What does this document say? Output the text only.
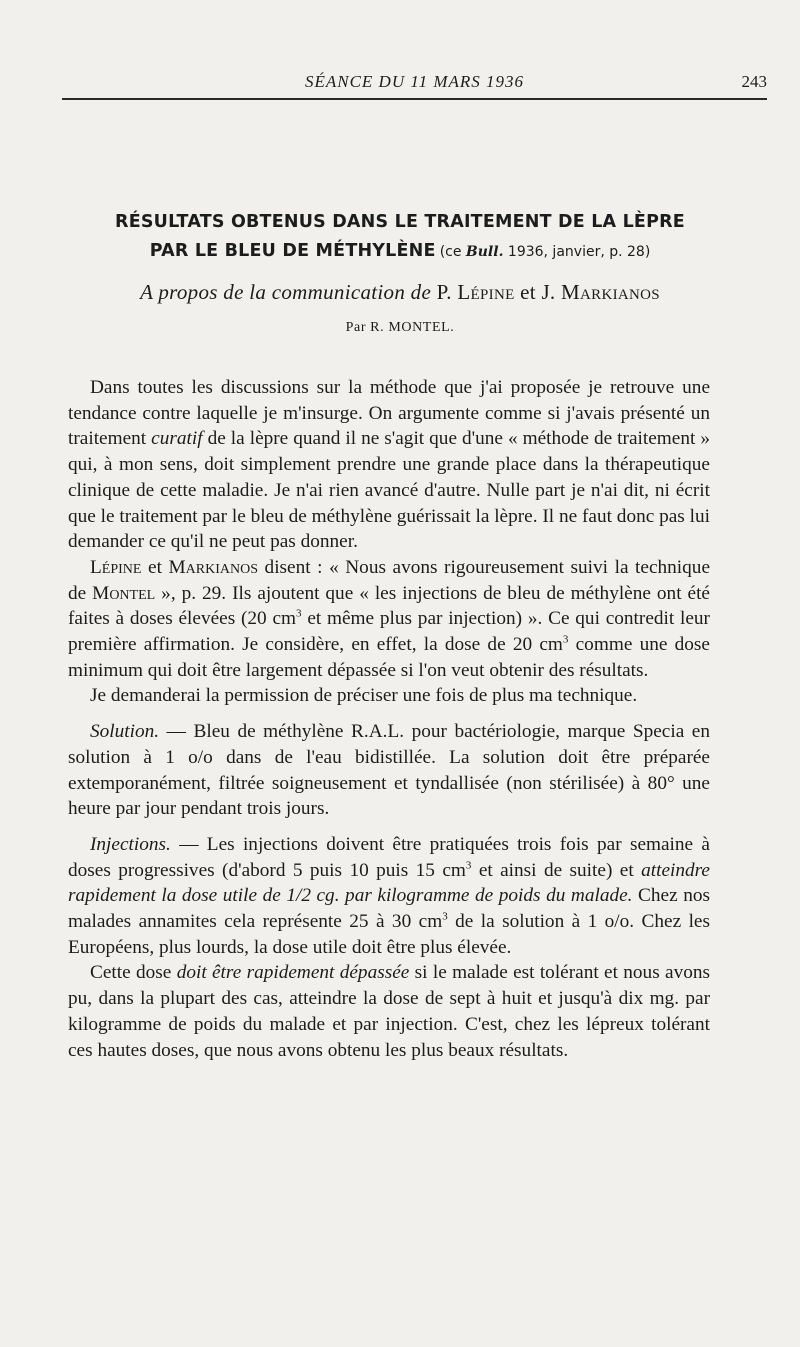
SÉANCE DU 11 MARS 1936	243
RÉSULTATS OBTENUS DANS LE TRAITEMENT DE LA LÈPRE
PAR LE BLEU DE MÉTHYLÈNE (ce Bull. 1936, janvier, p. 28)
A propos de la communication de P. Lépine et J. Markianos
Par R. MONTEL.

Dans toutes les discussions sur la méthode que j'ai proposée je retrouve une tendance contre laquelle je m'insurge. On argumente comme si j'avais présenté un traitement curatif de la lèpre quand il ne s'agit que d'une « méthode de traitement » qui, à mon sens, doit simplement prendre une grande place dans la thérapeutique clinique de cette maladie. Je n'ai rien avancé d'autre. Nulle part je n'ai dit, ni écrit que le traitement par le bleu de méthylène guérissait la lèpre. Il ne faut donc pas lui demander ce qu'il ne peut pas donner.

Lépine et Markianos disent : « Nous avons rigoureusement suivi la technique de Montel », p. 29. Ils ajoutent que « les injections de bleu de méthylène ont été faites à doses élevées (20 $cm^3$ et même plus par injection) ». Ce qui contredit leur première affirmation. Je considère, en effet, la dose de 20 $cm^3$ comme une dose minimum qui doit être largement dépassée si l'on veut obtenir des résultats.

Je demanderai la permission de préciser une fois de plus ma technique.

Solution. — Bleu de méthylène R.A.L. pour bactériologie, marque Specia en solution à 1 o/o dans de l'eau bidistillée. La solution doit être préparée extemporanément, filtrée soigneusement et tyndallisée (non stérilisée) à 80° une heure par jour pendant trois jours.

Injections. — Les injections doivent être pratiquées trois fois par semaine à doses progressives (d'abord 5 puis 10 puis 15 $cm^3$ et ainsi de suite) et atteindre rapidement la dose utile de 1/2 cg. par kilogramme de poids du malade. Chez nos malades annamites cela représente 25 à 30 $cm^3$ de la solution à 1 o/o. Chez les Européens, plus lourds, la dose utile doit être plus élevée.

Cette dose doit être rapidement dépassée si le malade est tolérant et nous avons pu, dans la plupart des cas, atteindre la dose de sept à huit et jusqu'à dix mg. par kilogramme de poids du malade et par injection. C'est, chez les lépreux tolérant ces hautes doses, que nous avons obtenu les plus beaux résultats.
